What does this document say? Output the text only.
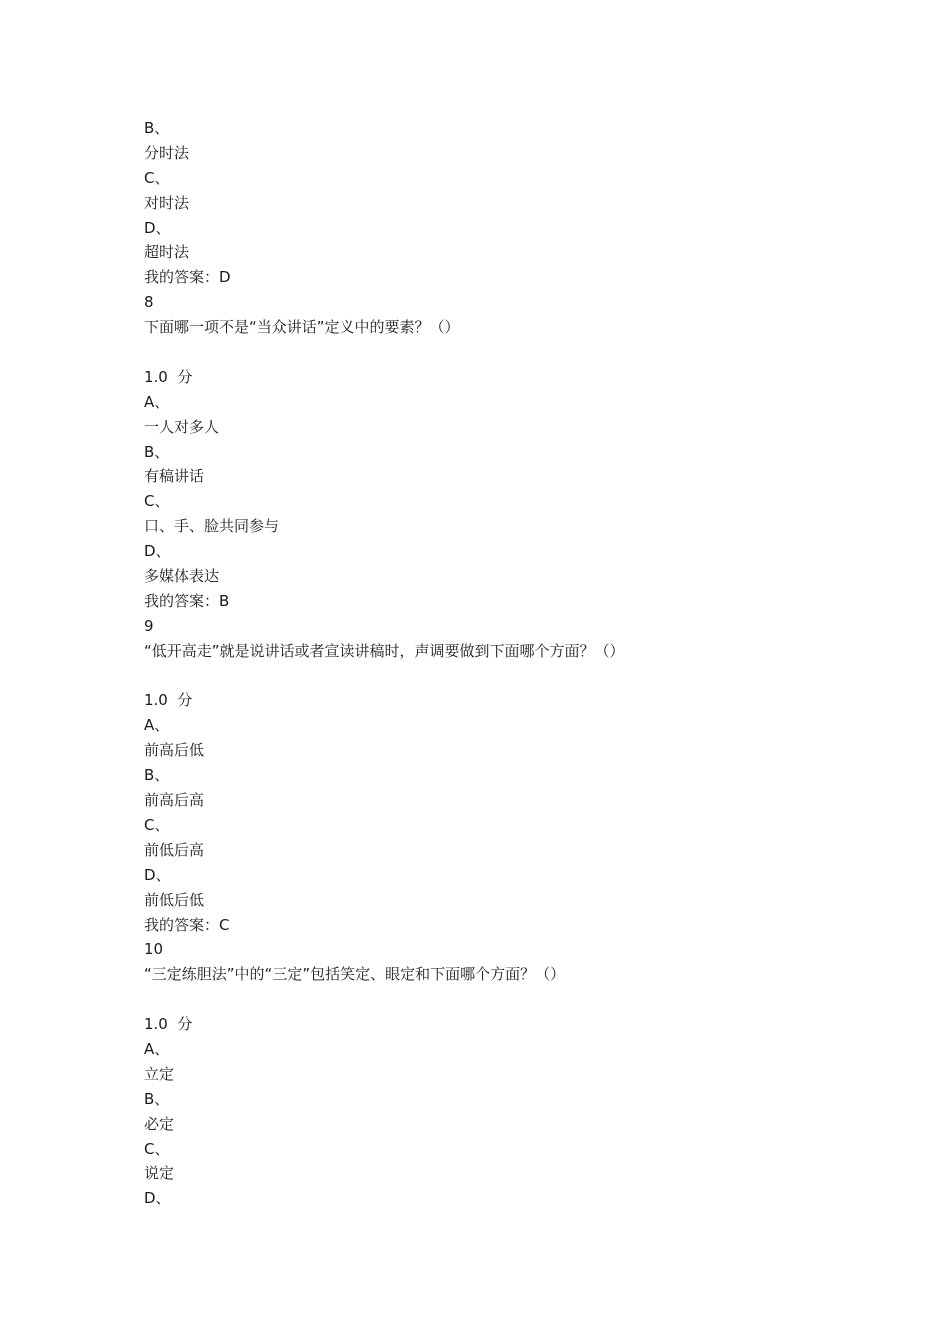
B、
分时法
C、
对时法
D、
超时法
我的答案：D
8
下面哪一项不是“当众讲话”定义中的要素？（）
1.0  分
A、
一人对多人
B、
有稿讲话
C、
口、手、脸共同参与
D、
多媒体表达
我的答案：B
9
“低开高走”就是说讲话或者宣读讲稿时，声调要做到下面哪个方面？（）
1.0  分
A、
前高后低
B、
前高后高
C、
前低后高
D、
前低后低
我的答案：C
10
“三定练胆法”中的“三定”包括笑定、眼定和下面哪个方面？（）
1.0  分
A、
立定
B、
必定
C、
说定
D、
